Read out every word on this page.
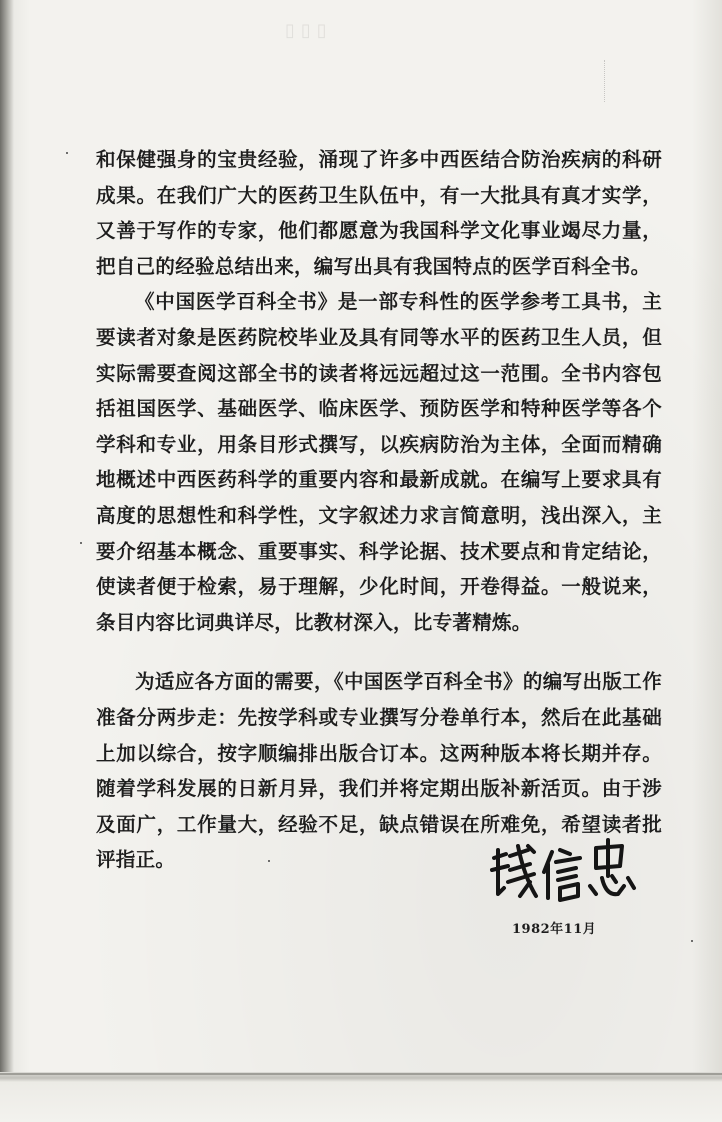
▯▯▯

和保健强身的宝贵经验，涌现了许多中西医结合防治疾病的科研成果。在我们广大的医药卫生队伍中，有一大批具有真才实学，又善于写作的专家，他们都愿意为我国科学文化事业竭尽力量，把自己的经验总结出来，编写出具有我国特点的医学百科全书。

《中国医学百科全书》是一部专科性的医学参考工具书，主要读者对象是医药院校毕业及具有同等水平的医药卫生人员，但实际需要查阅这部全书的读者将远远超过这一范围。全书内容包括祖国医学、基础医学、临床医学、预防医学和特种医学等各个学科和专业，用条目形式撰写，以疾病防治为主体，全面而精确地概述中西医药科学的重要内容和最新成就。在编写上要求具有高度的思想性和科学性，文字叙述力求言简意明，浅出深入，主要介绍基本概念、重要事实、科学论据、技术要点和肯定结论，使读者便于检索，易于理解，少化时间，开卷得益。一般说来，条目内容比词典详尽，比教材深入，比专著精炼。

为适应各方面的需要，《中国医学百科全书》的编写出版工作准备分两步走：先按学科或专业撰写分卷单行本，然后在此基础上加以综合，按字顺编排出版合订本。这两种版本将长期并存。随着学科发展的日新月异，我们并将定期出版补新活页。由于涉及面广，工作量大，经验不足，缺点错误在所难免，希望读者批评指正。

1982年11月
